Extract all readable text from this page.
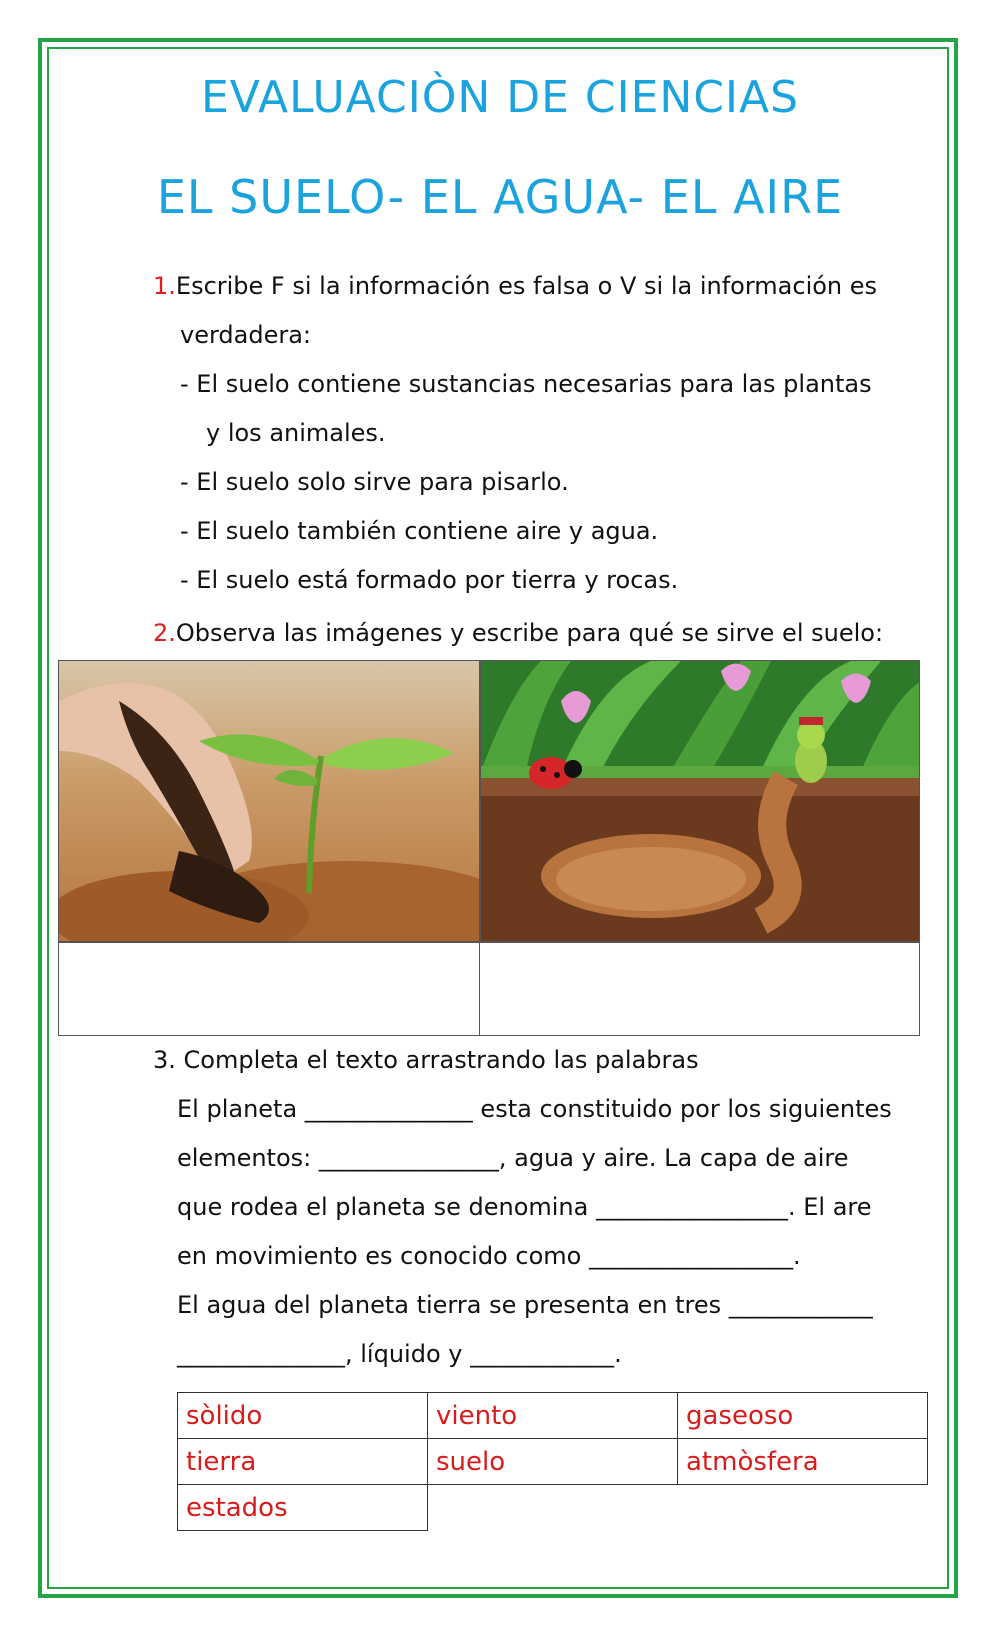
EVALUACIÒN DE CIENCIAS
EL SUELO- EL AGUA- EL AIRE
1.Escribe F si la información es falsa o V si la información es
verdadera:
- El suelo contiene sustancias necesarias para las plantas
y los animales.
- El suelo solo sirve para pisarlo.
- El suelo también contiene aire y agua.
- El suelo está formado por tierra y rocas.
2.Observa las imágenes y escribe para qué se sirve el suelo:
3. Completa el texto arrastrando las palabras
El planeta ______________ esta constituido por los siguientes
elementos: _______________, agua y aire. La capa de aire
que rodea el planeta se denomina ________________. El are
en movimiento es conocido como _________________.
El agua del planeta tierra se presenta en tres ____________
______________, líquido y ____________.
sòlido	viento	gaseoso
tierra	suelo	atmòsfera
estados		
